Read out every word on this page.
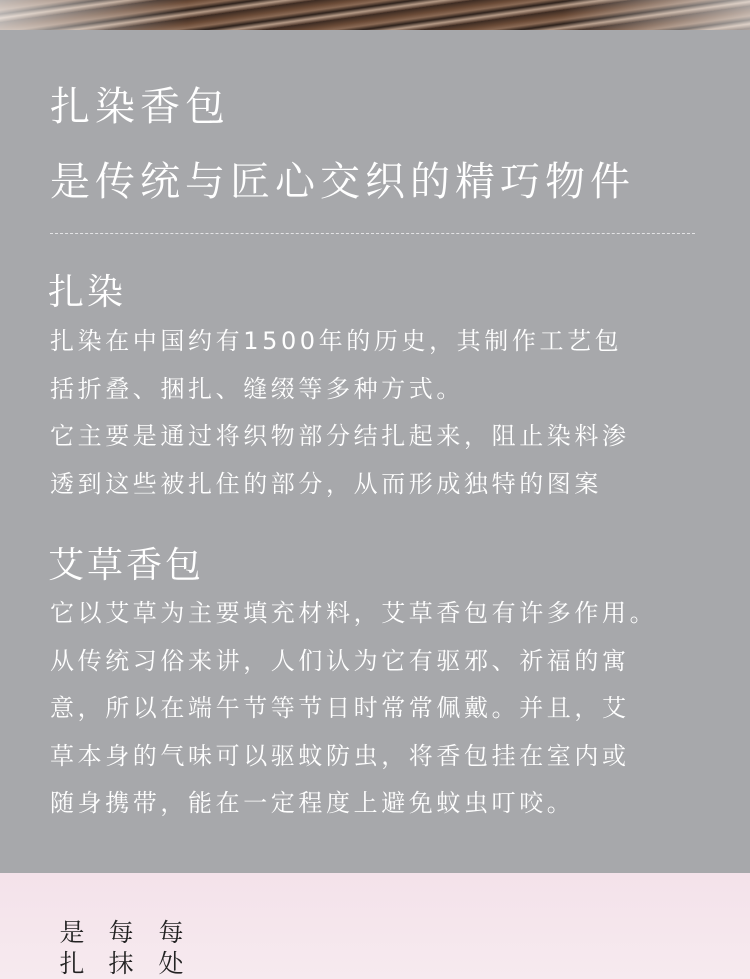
扎染香包
是传统与匠心交织的精巧物件
扎染
扎染在中国约有1500年的历史，其制作工艺包
括折叠、捆扎、缝缀等多种方式。
它主要是通过将织物部分结扎起来，阻止染料渗
透到这些被扎住的部分，从而形成独特的图案
艾草香包
它以艾草为主要填充材料，艾草香包有许多作用。
从传统习俗来讲，人们认为它有驱邪、祈福的寓
意，所以在端午节等节日时常常佩戴。并且，艾
草本身的气味可以驱蚊防虫，将香包挂在室内或
随身携带，能在一定程度上避免蚊虫叮咬。
是
扎
每
抹
每
处
